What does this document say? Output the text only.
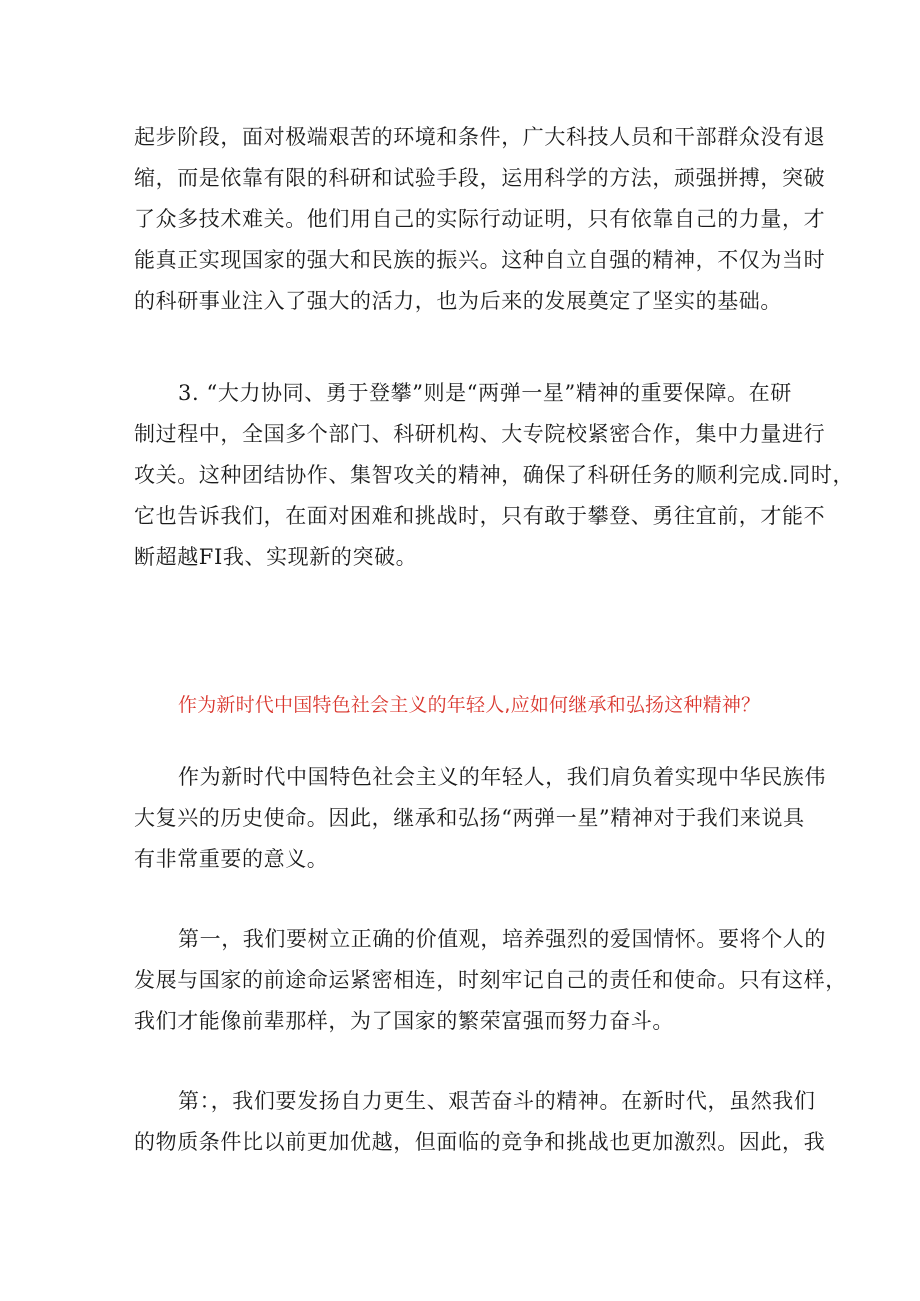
起步阶段，面对极端艰苦的环境和条件，广大科技人员和干部群众没有退
缩，而是依靠有限的科研和试验手段，运用科学的方法，顽强拼搏，突破
了众多技术难关。他们用自己的实际行动证明，只有依靠自己的力量，才
能真正实现国家的强大和民族的振兴。这种自立自强的精神，不仅为当时
的科研事业注入了强大的活力，也为后来的发展奠定了坚实的基础。

3. “大力协同、勇于登攀”则是“两弹一星”精神的重要保障。在研
制过程中，全国多个部门、科研机构、大专院校紧密合作，集中力量进行
攻关。这种团结协作、集智攻关的精神，确保了科研任务的顺利完成.同时，
它也告诉我们，在面对困难和挑战时，只有敢于攀登、勇往宜前，才能不
断超越FI我、实现新的突破。

作为新时代中国特色社会主义的年轻人,应如何继承和弘扬这种精神？

作为新时代中国特色社会主义的年轻人，我们肩负着实现中华民族伟
大复兴的历史使命。因此，继承和弘扬“两弹一星”精神对于我们来说具
有非常重要的意义。

第一，我们要树立正确的价值观，培养强烈的爱国情怀。要将个人的
发展与国家的前途命运紧密相连，时刻牢记自己的责任和使命。只有这样，
我们才能像前辈那样，为了国家的繁荣富强而努力奋斗。

第：，我们要发扬自力更生、艰苦奋斗的精神。在新时代，虽然我们
的物质条件比以前更加优越，但面临的竞争和挑战也更加激烈。因此，我
